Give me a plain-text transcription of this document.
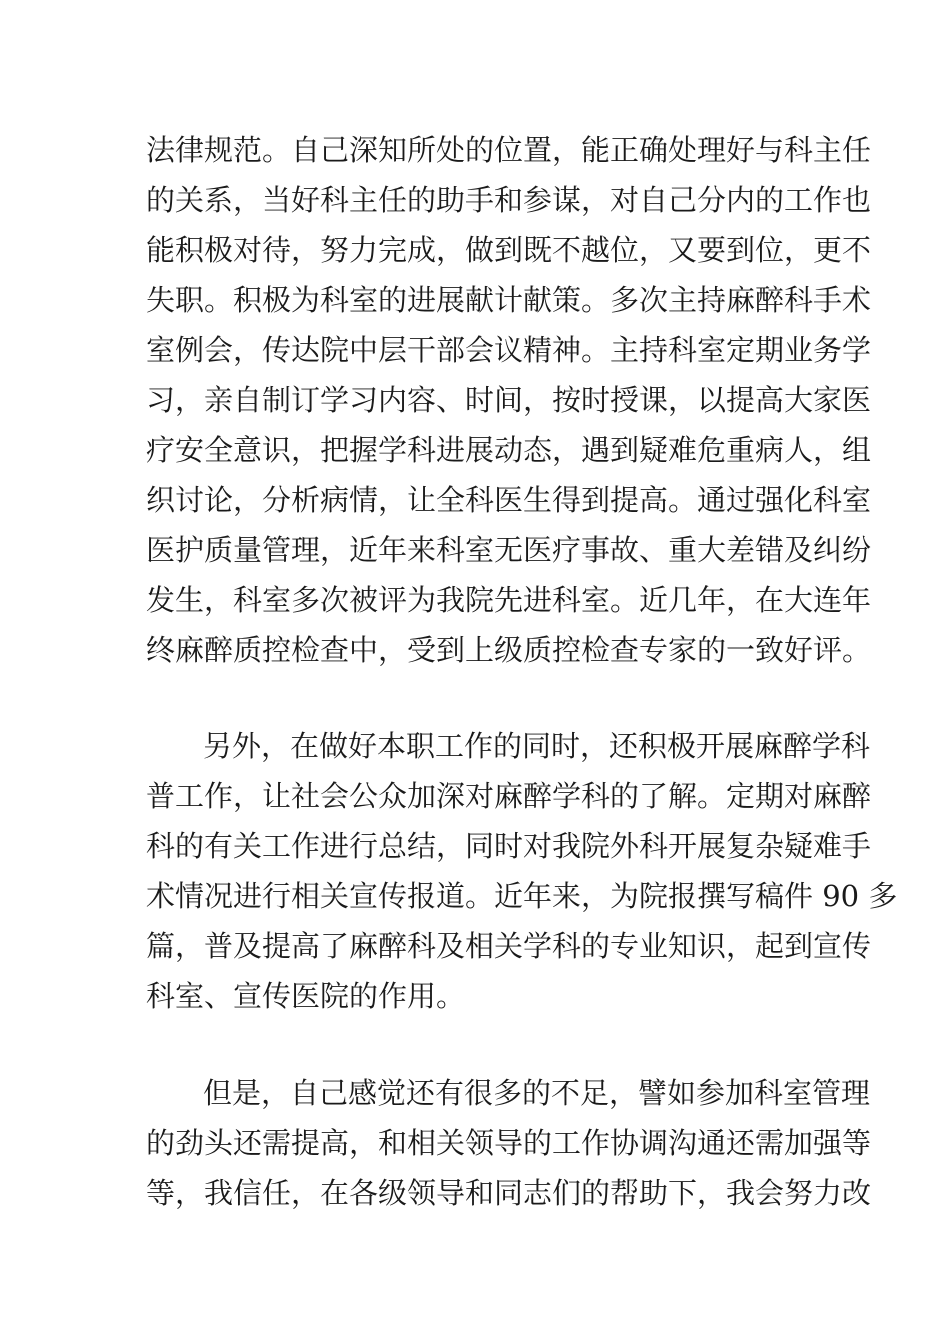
法律规范。自己深知所处的位置，能正确处理好与科主任
的关系，当好科主任的助手和参谋，对自己分内的工作也
能积极对待，努力完成，做到既不越位，又要到位，更不
失职。积极为科室的进展献计献策。多次主持麻醉科手术
室例会，传达院中层干部会议精神。主持科室定期业务学
习，亲自制订学习内容、时间，按时授课，以提高大家医
疗安全意识，把握学科进展动态，遇到疑难危重病人，组
织讨论，分析病情，让全科医生得到提高。通过强化科室
医护质量管理，近年来科室无医疗事故、重大差错及纠纷
发生，科室多次被评为我院先进科室。近几年，在大连年
终麻醉质控检查中，受到上级质控检查专家的一致好评。
另外，在做好本职工作的同时，还积极开展麻醉学科
普工作，让社会公众加深对麻醉学科的了解。定期对麻醉
科的有关工作进行总结，同时对我院外科开展复杂疑难手
术情况进行相关宣传报道。近年来，为院报撰写稿件 90 多
篇，普及提高了麻醉科及相关学科的专业知识，起到宣传
科室、宣传医院的作用。
但是，自己感觉还有很多的不足，譬如参加科室管理
的劲头还需提高，和相关领导的工作协调沟通还需加强等
等，我信任，在各级领导和同志们的帮助下，我会努力改
